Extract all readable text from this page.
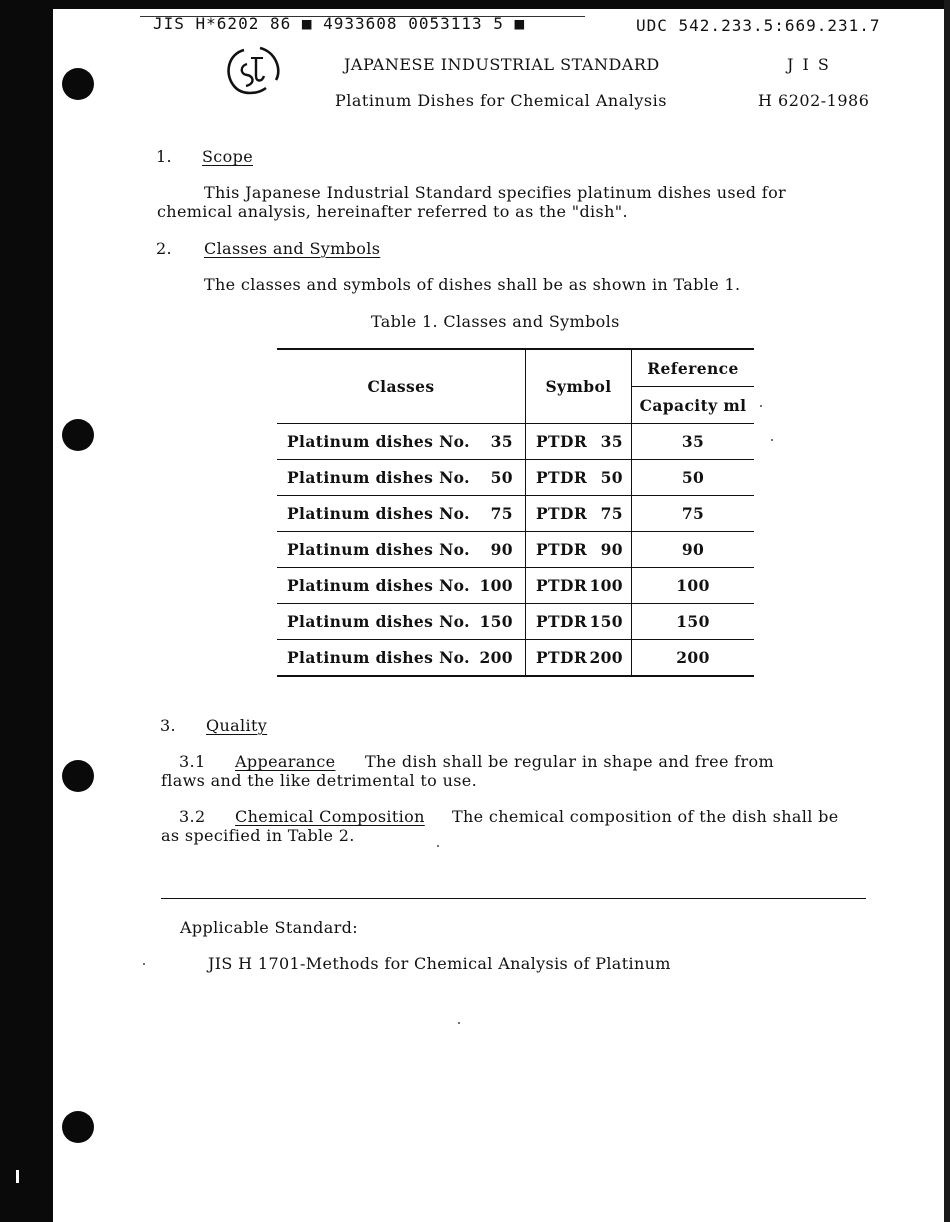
JIS H*6202 86 ■ 4933608 0053113 5 ■	UDC 542.233.5:669.231.7
JAPANESE INDUSTRIAL STANDARD	J I S
Platinum Dishes for Chemical Analysis	H 6202-1986
1. Scope
This Japanese Industrial Standard specifies platinum dishes used for
chemical analysis, hereinafter referred to as the "dish".
2. Classes and Symbols
The classes and symbols of dishes shall be as shown in Table 1.
Table 1. Classes and Symbols
Classes	Symbol	Reference
		Capacity ml

Platinum dishes No. 35	PTDR 35	35

Platinum dishes No. 50	PTDR 50	50

Platinum dishes No. 75	PTDR 75	75

Platinum dishes No. 90	PTDR 90	90

Platinum dishes No. 100	PTDR 100	100

Platinum dishes No. 150	PTDR 150	150

Platinum dishes No. 200	PTDR 200	200
3. Quality
3.1 Appearance The dish shall be regular in shape and free from
flaws and the like detrimental to use.
3.2 Chemical Composition The chemical composition of the dish shall be
as specified in Table 2.
Applicable Standard:
JIS H 1701-Methods for Chemical Analysis of Platinum
